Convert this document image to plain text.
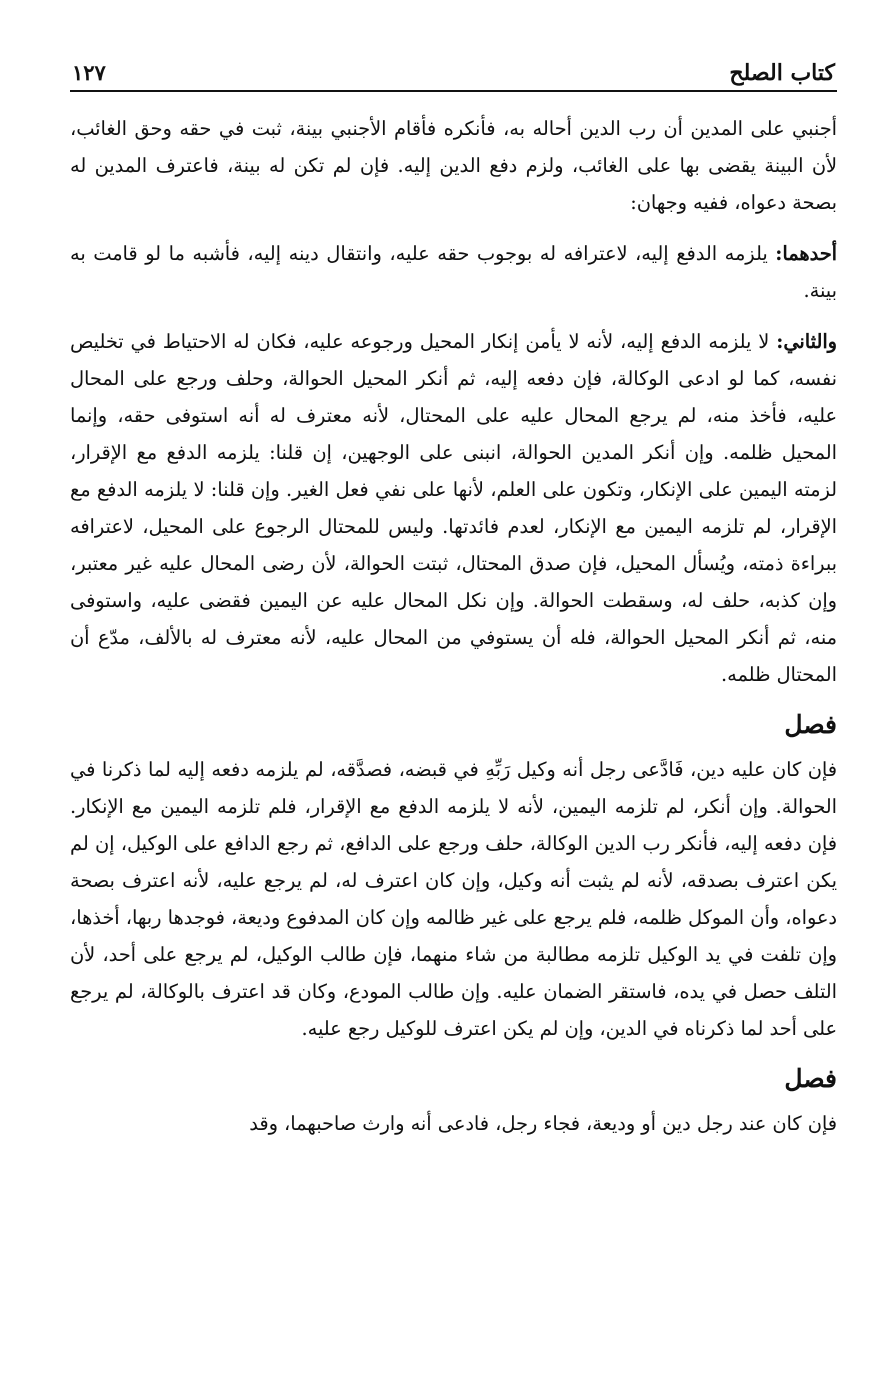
كتاب الصلح
١٢٧

أجنبي على المدين أن رب الدين أحاله به، فأنكره فأقام الأجنبي بينة، ثبت في حقه وحق الغائب، لأن البينة يقضى بها على الغائب، ولزم دفع الدين إليه. فإن لم تكن له بينة، فاعترف المدين له بصحة دعواه، ففيه وجهان:

أحدهما: يلزمه الدفع إليه، لاعترافه له بوجوب حقه عليه، وانتقال دينه إليه، فأشبه ما لو قامت به بينة.

والثاني: لا يلزمه الدفع إليه، لأنه لا يأمن إنكار المحيل ورجوعه عليه، فكان له الاحتياط في تخليص نفسه، كما لو ادعى الوكالة، فإن دفعه إليه، ثم أنكر المحيل الحوالة، وحلف ورجع على المحال عليه، فأخذ منه، لم يرجع المحال عليه على المحتال، لأنه معترف له أنه استوفى حقه، وإنما المحيل ظلمه. وإن أنكر المدين الحوالة، انبنى على الوجهين، إن قلنا: يلزمه الدفع مع الإقرار، لزمته اليمين على الإنكار، وتكون على العلم، لأنها على نفي فعل الغير. وإن قلنا: لا يلزمه الدفع مع الإقرار، لم تلزمه اليمين مع الإنكار، لعدم فائدتها. وليس للمحتال الرجوع على المحيل، لاعترافه ببراءة ذمته، ويُسأل المحيل، فإن صدق المحتال، ثبتت الحوالة، لأن رضى المحال عليه غير معتبر، وإن كذبه، حلف له، وسقطت الحوالة. وإن نكل المحال عليه عن اليمين فقضى عليه، واستوفى منه، ثم أنكر المحيل الحوالة، فله أن يستوفي من المحال عليه، لأنه معترف له بالألف، مدّع أن المحتال ظلمه.

فصل

فإن كان عليه دين، فَادَّعى رجل أنه وكيل رَبِّهِ في قبضه، فصدَّقه، لم يلزمه دفعه إليه لما ذكرنا في الحوالة. وإن أنكر، لم تلزمه اليمين، لأنه لا يلزمه الدفع مع الإقرار، فلم تلزمه اليمين مع الإنكار. فإن دفعه إليه، فأنكر رب الدين الوكالة، حلف ورجع على الدافع، ثم رجع الدافع على الوكيل، إن لم يكن اعترف بصدقه، لأنه لم يثبت أنه وكيل، وإن كان اعترف له، لم يرجع عليه، لأنه اعترف بصحة دعواه، وأن الموكل ظلمه، فلم يرجع على غير ظالمه وإن كان المدفوع وديعة، فوجدها ربها، أخذها، وإن تلفت في يد الوكيل تلزمه مطالبة من شاء منهما، فإن طالب الوكيل، لم يرجع على أحد، لأن التلف حصل في يده، فاستقر الضمان عليه. وإن طالب المودع، وكان قد اعترف بالوكالة، لم يرجع على أحد لما ذكرناه في الدين، وإن لم يكن اعترف للوكيل رجع عليه.

فصل

فإن كان عند رجل دين أو وديعة، فجاء رجل، فادعى أنه وارث صاحبهما، وقد
